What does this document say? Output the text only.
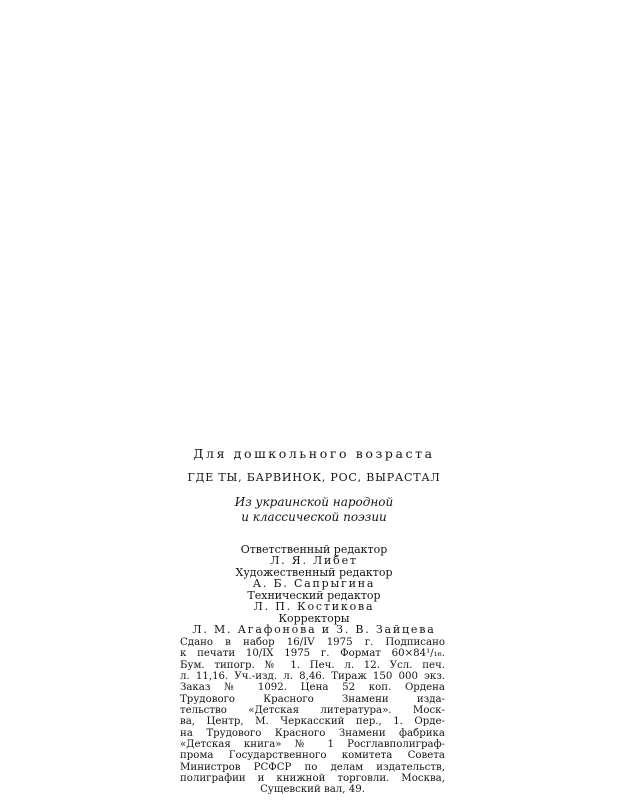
Для дошкольного возраста

ГДЕ ТЫ, БАРВИНОК, РОС, ВЫРАСТАЛ

Из украинской народной
и классической поэзии

Ответственный редактор
Л. Я. Либет
Художественный редактор
А. Б. Сапрыгина
Технический редактор
Л. П. Костикова
Корректоры
Л. М. Агафонова и З. В. Зайцева
Сдано в набор 16/IV 1975 г. Подписано
к печати 10/IX 1975 г. Формат 60×84¹/₁₆.
Бум. типогр. № 1. Печ. л. 12. Усл. печ.
л. 11,16. Уч.-изд. л. 8,46. Тираж 150 000 экз.
Заказ № 1092. Цена 52 коп. Ордена
Трудового Красного Знамени изда-
тельство «Детская литература». Моск-
ва, Центр, М. Черкасский пер., 1. Орде-
на Трудового Красного Знамени фабрика
«Детская книга» № 1 Росглавполиграф-
прома Государственного комитета Совета
Министров РСФСР по делам издательств,
полиграфии и книжной торговли. Москва,
Сущевский вал, 49.
